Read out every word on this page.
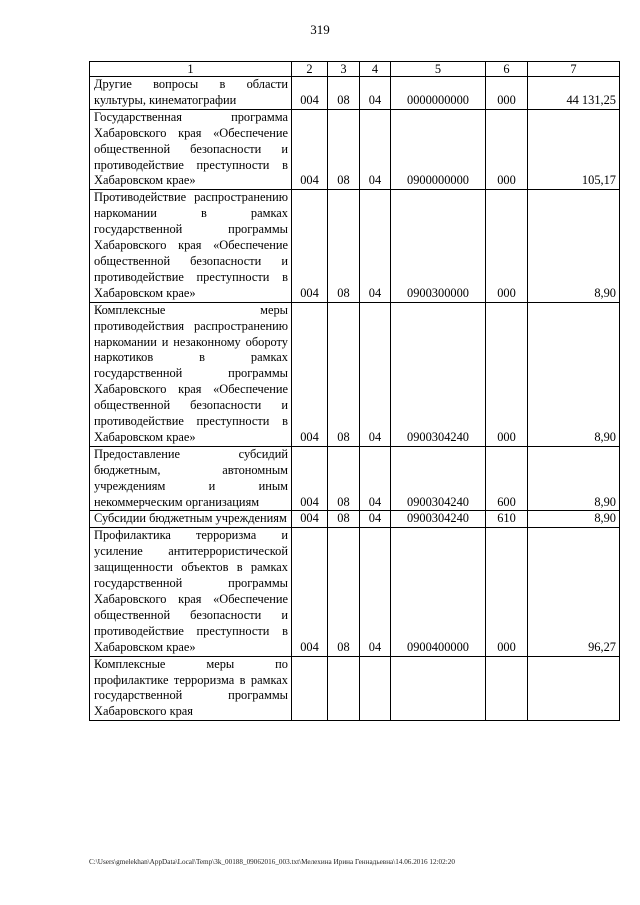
319
1	2	3	4	5	6	7
Другие вопросы в области культуры, кинематографии	004	08	04	0000000000	000	44 131,25
Государственная программа Хабаровского края «Обеспечение общественной безопасности и противодействие преступности в Хабаровском крае»	004	08	04	0900000000	000	105,17
Противодействие распространению наркомании в рамках государственной программы Хабаровского края «Обеспечение общественной безопасности и противодействие преступности в Хабаровском крае»	004	08	04	0900300000	000	8,90
Комплексные меры противодействия распространению наркомании и незаконному обороту наркотиков в рамках государственной программы Хабаровского края «Обеспечение общественной безопасности и противодействие преступности в Хабаровском крае»	004	08	04	0900304240	000	8,90
Предоставление субсидий бюджетным, автономным учреждениям и иным некоммерческим организациям	004	08	04	0900304240	600	8,90
Субсидии бюджетным учреждениям	004	08	04	0900304240	610	8,90
Профилактика терроризма и усиление антитеррористической защищенности объектов в рамках государственной программы Хабаровского края «Обеспечение общественной безопасности и противодействие преступности в Хабаровском крае»	004	08	04	0900400000	000	96,27
Комплексные меры по профилактике терроризма в рамках государственной программы Хабаровского края						
C:\Users\gmelekhan\AppData\Local\Temp\3k_00188_09062016_003.txt\Мелехина Ирина Геннадьевна\14.06.2016 12:02:20
